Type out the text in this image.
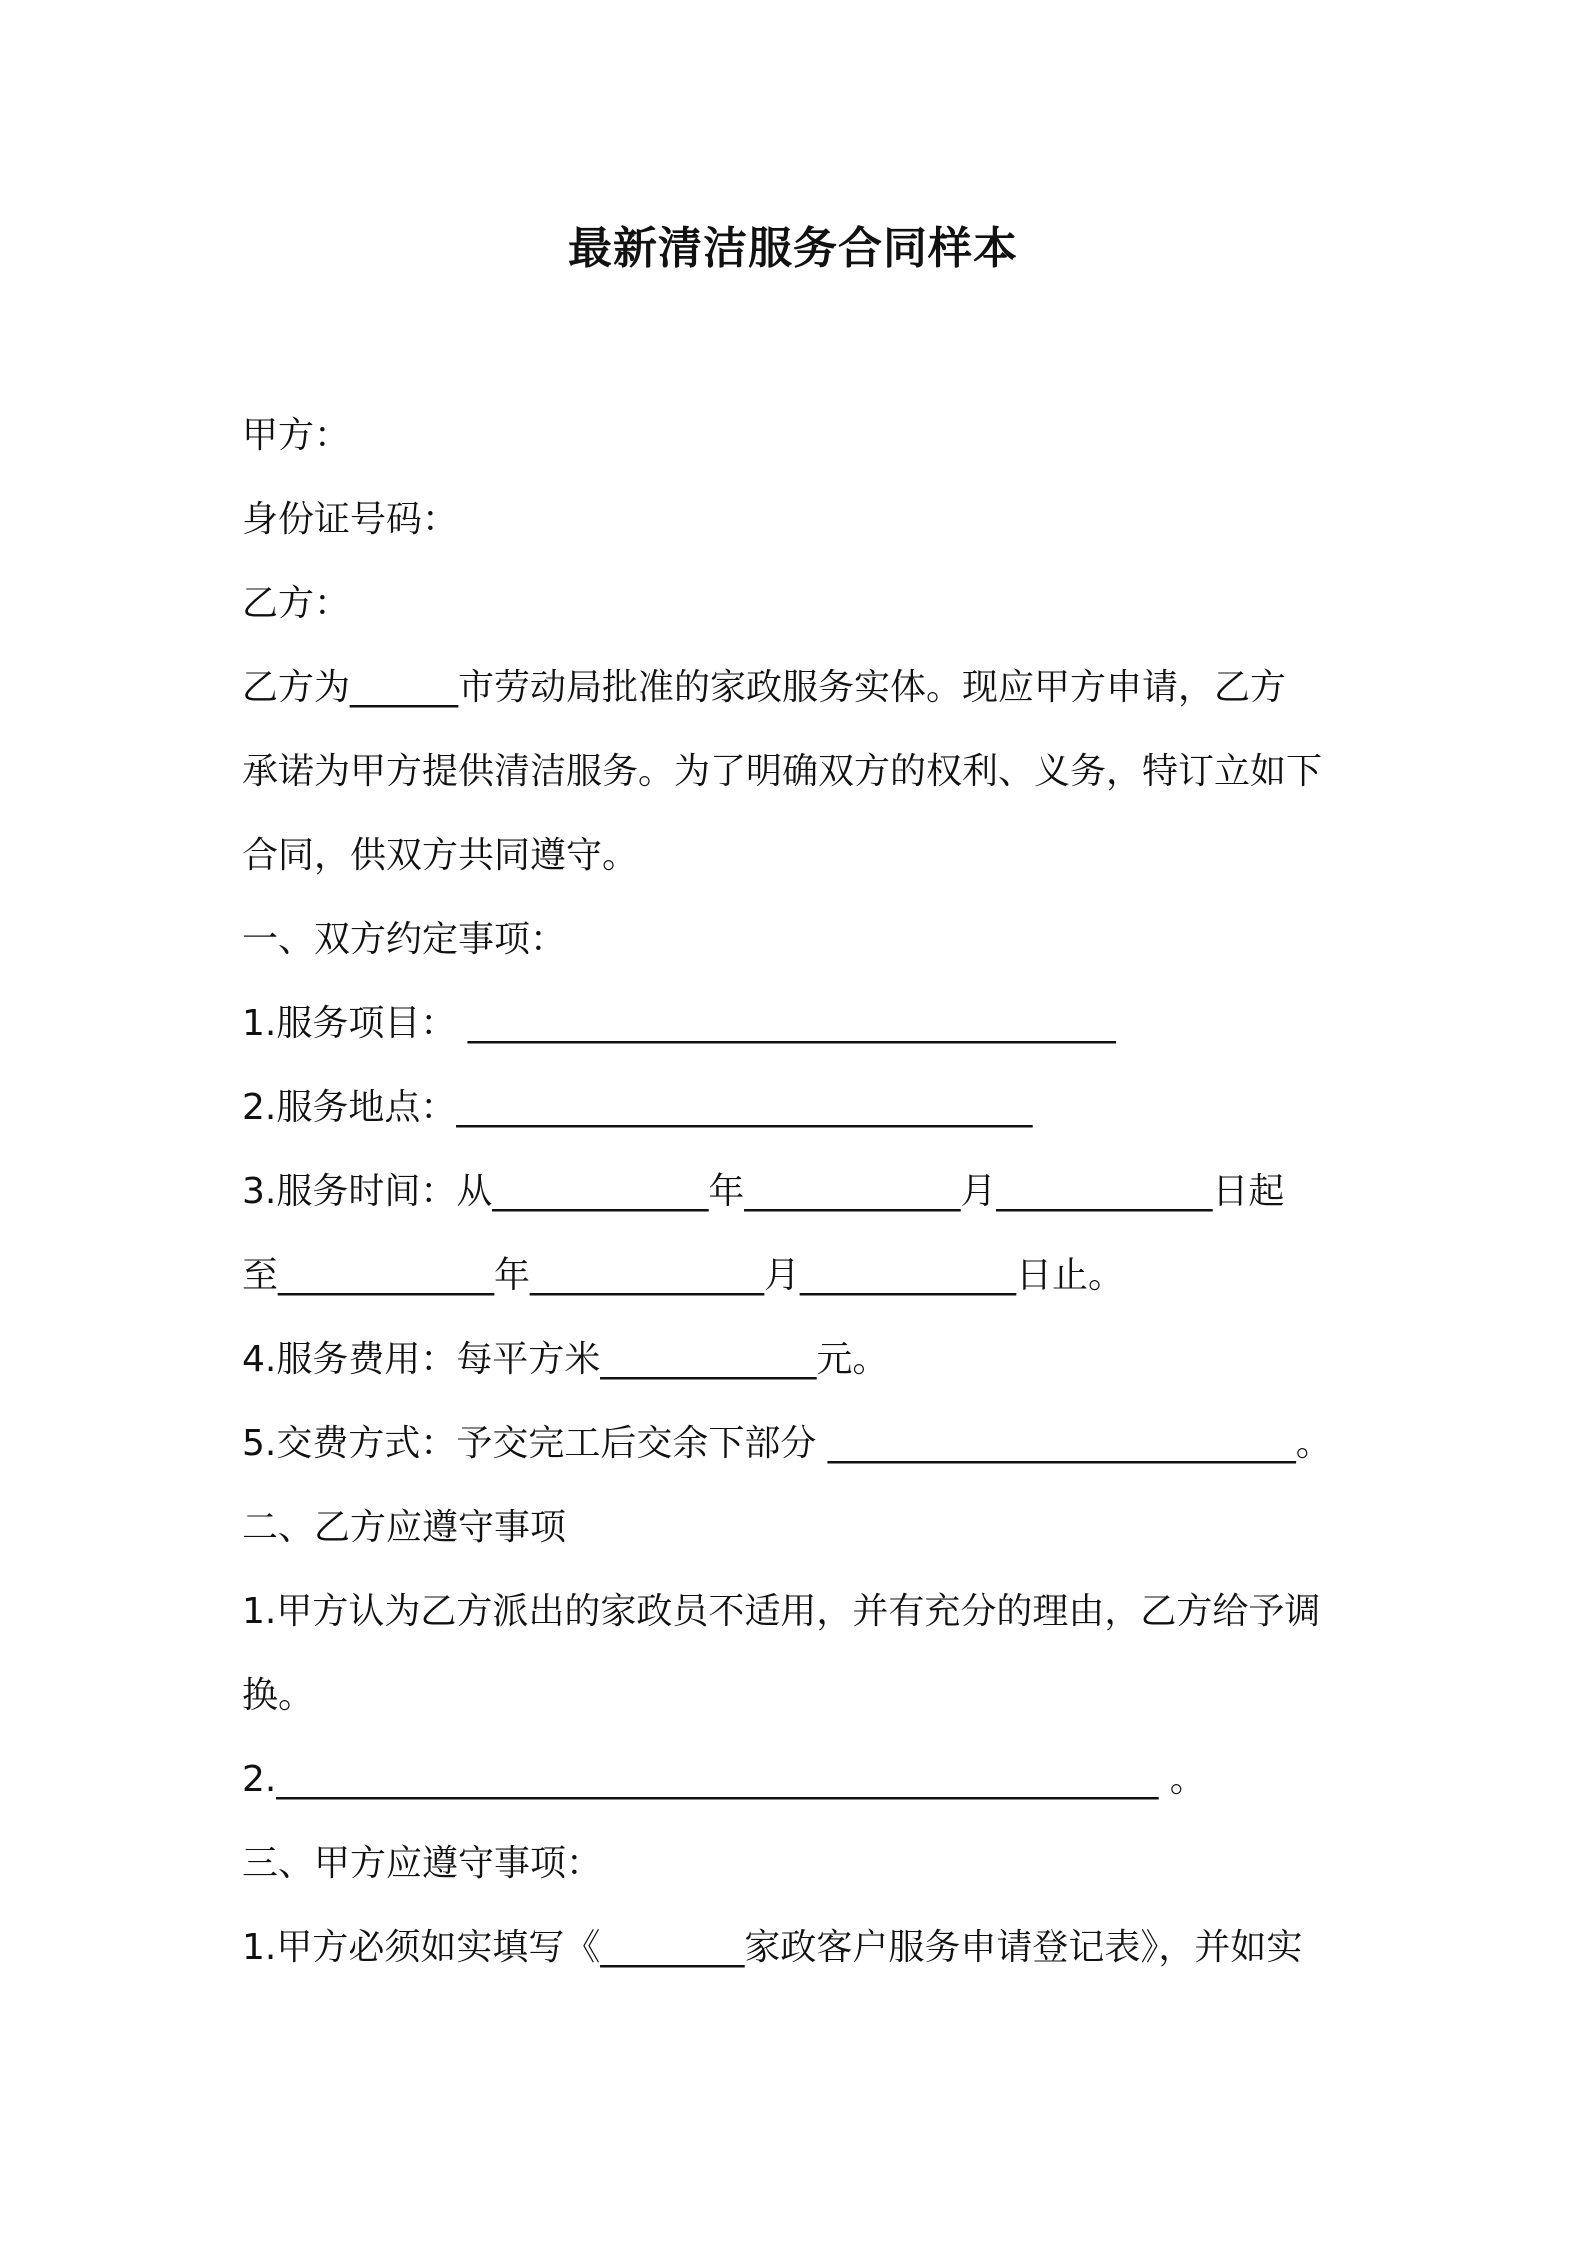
最新清洁服务合同样本
甲方：
身份证号码：
乙方：
乙方为______市劳动局批准的家政服务实体。现应甲方申请，乙方
承诺为甲方提供清洁服务。为了明确双方的权利、义务，特订立如下
合同，供双方共同遵守。
一、双方约定事项：
1.服务项目： ____________________________________
2.服务地点：________________________________
3.服务时间：从____________年____________月____________日起
至____________年_____________月____________日止。
4.服务费用：每平方米____________元。
5.交费方式：予交完工后交余下部分 __________________________。
二、乙方应遵守事项
1.甲方认为乙方派出的家政员不适用，并有充分的理由，乙方给予调
换。
2._________________________________________________ 。
三、甲方应遵守事项：
1.甲方必须如实填写《________家政客户服务申请登记表》，并如实
